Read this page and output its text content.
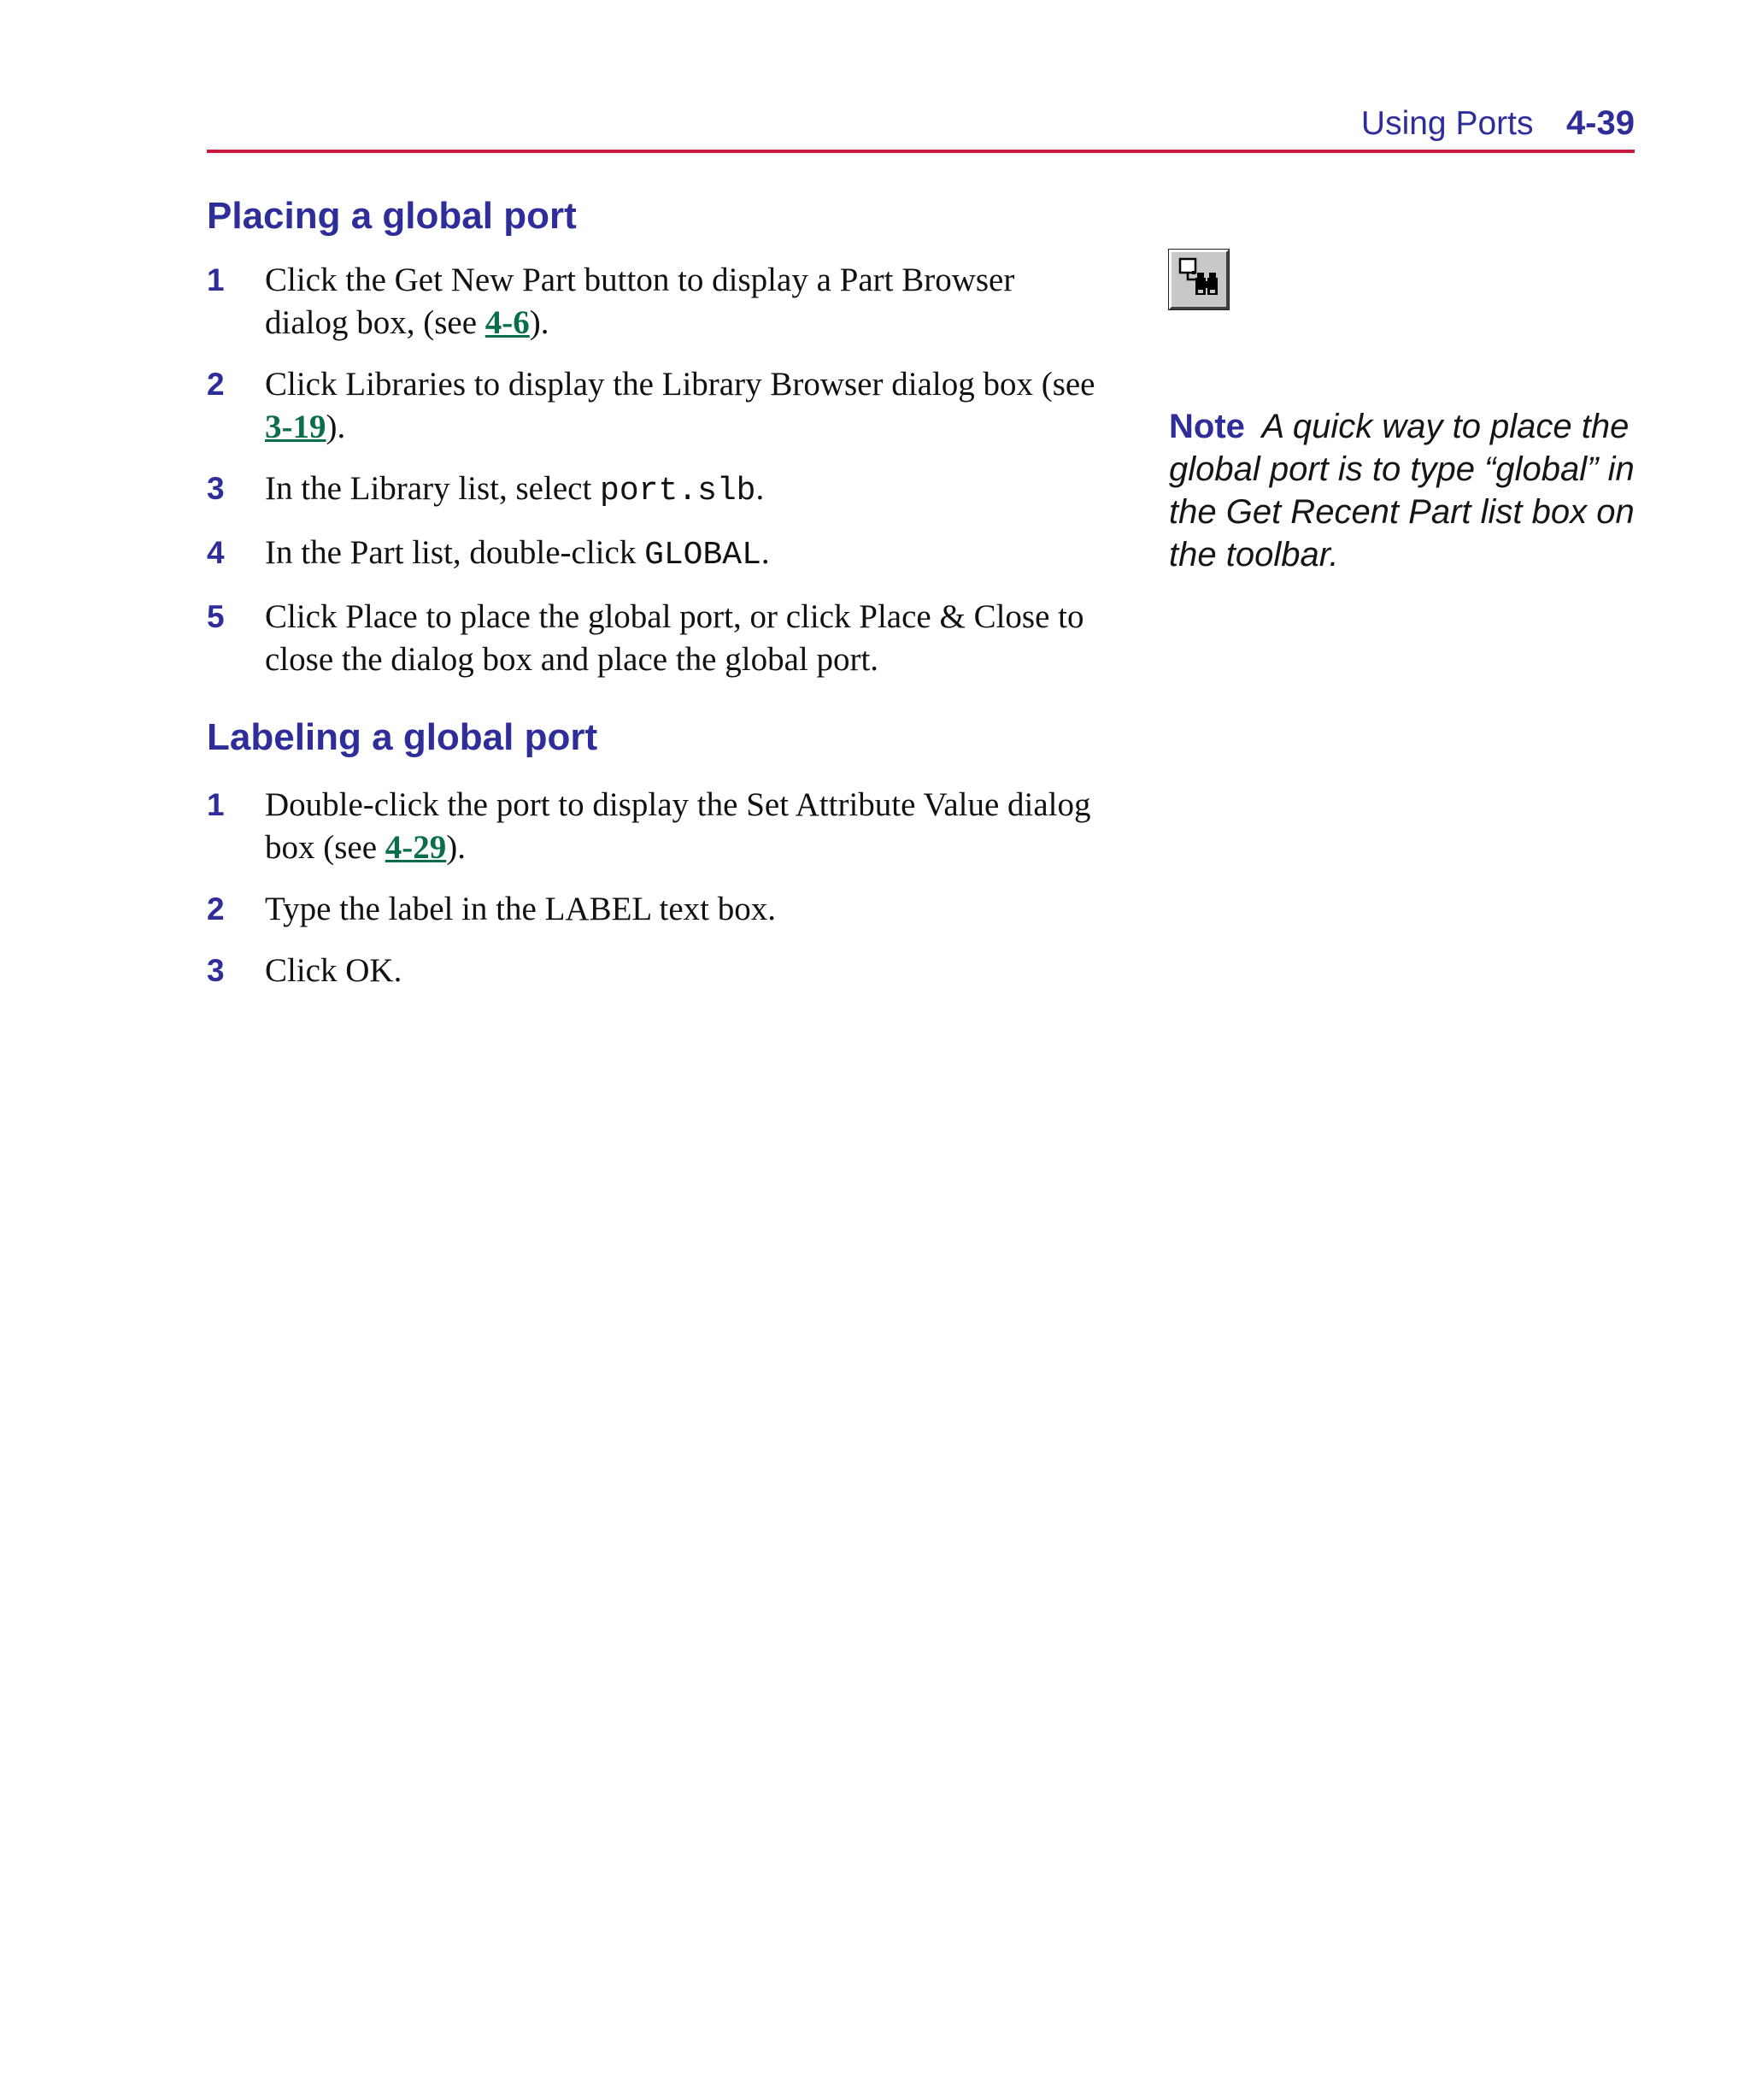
Using Ports 4-39
Placing a global port
1 Click the Get New Part button to display a Part Browser dialog box, (see 4-6).
2 Click Libraries to display the Library Browser dialog box (see 3-19).
3 In the Library list, select port.slb.
4 In the Part list, double-click GLOBAL.
5 Click Place to place the global port, or click Place & Close to close the dialog box and place the global port.
Labeling a global port
1 Double-click the port to display the Set Attribute Value dialog box (see 4-29).
2 Type the label in the LABEL text box.
3 Click OK.
Note A quick way to place the global port is to type “global” in the Get Recent Part list box on the toolbar.
